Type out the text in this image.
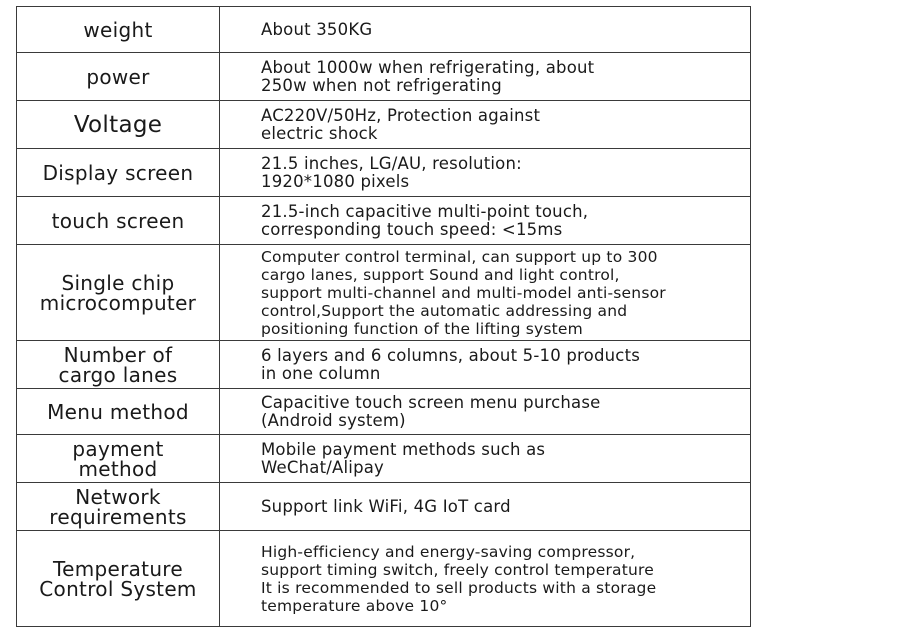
weight	About 350KG

power	About 1000w when refrigerating, about
250w when not refrigerating

Voltage	AC220V/50Hz, Protection against
electric shock

Display screen	21.5 inches, LG/AU, resolution:
1920*1080 pixels

touch screen	21.5-inch capacitive multi-point touch,
corresponding touch speed: <15ms

Single chip
microcomputer	Computer control terminal, can support up to 300
cargo lanes, support Sound and light control,
support multi-channel and multi-model anti-sensor
control,Support the automatic addressing and
positioning function of the lifting system

Number of
cargo lanes	6 layers and 6 columns, about 5-10 products
in one column

Menu method	Capacitive touch screen menu purchase
(Android system)

payment
method	Mobile payment methods such as
WeChat/Alipay

Network
requirements	Support link WiFi, 4G IoT card

Temperature
Control System	High-efficiency and energy-saving compressor,
support timing switch, freely control temperature
It is recommended to sell products with a storage
temperature above 10°
